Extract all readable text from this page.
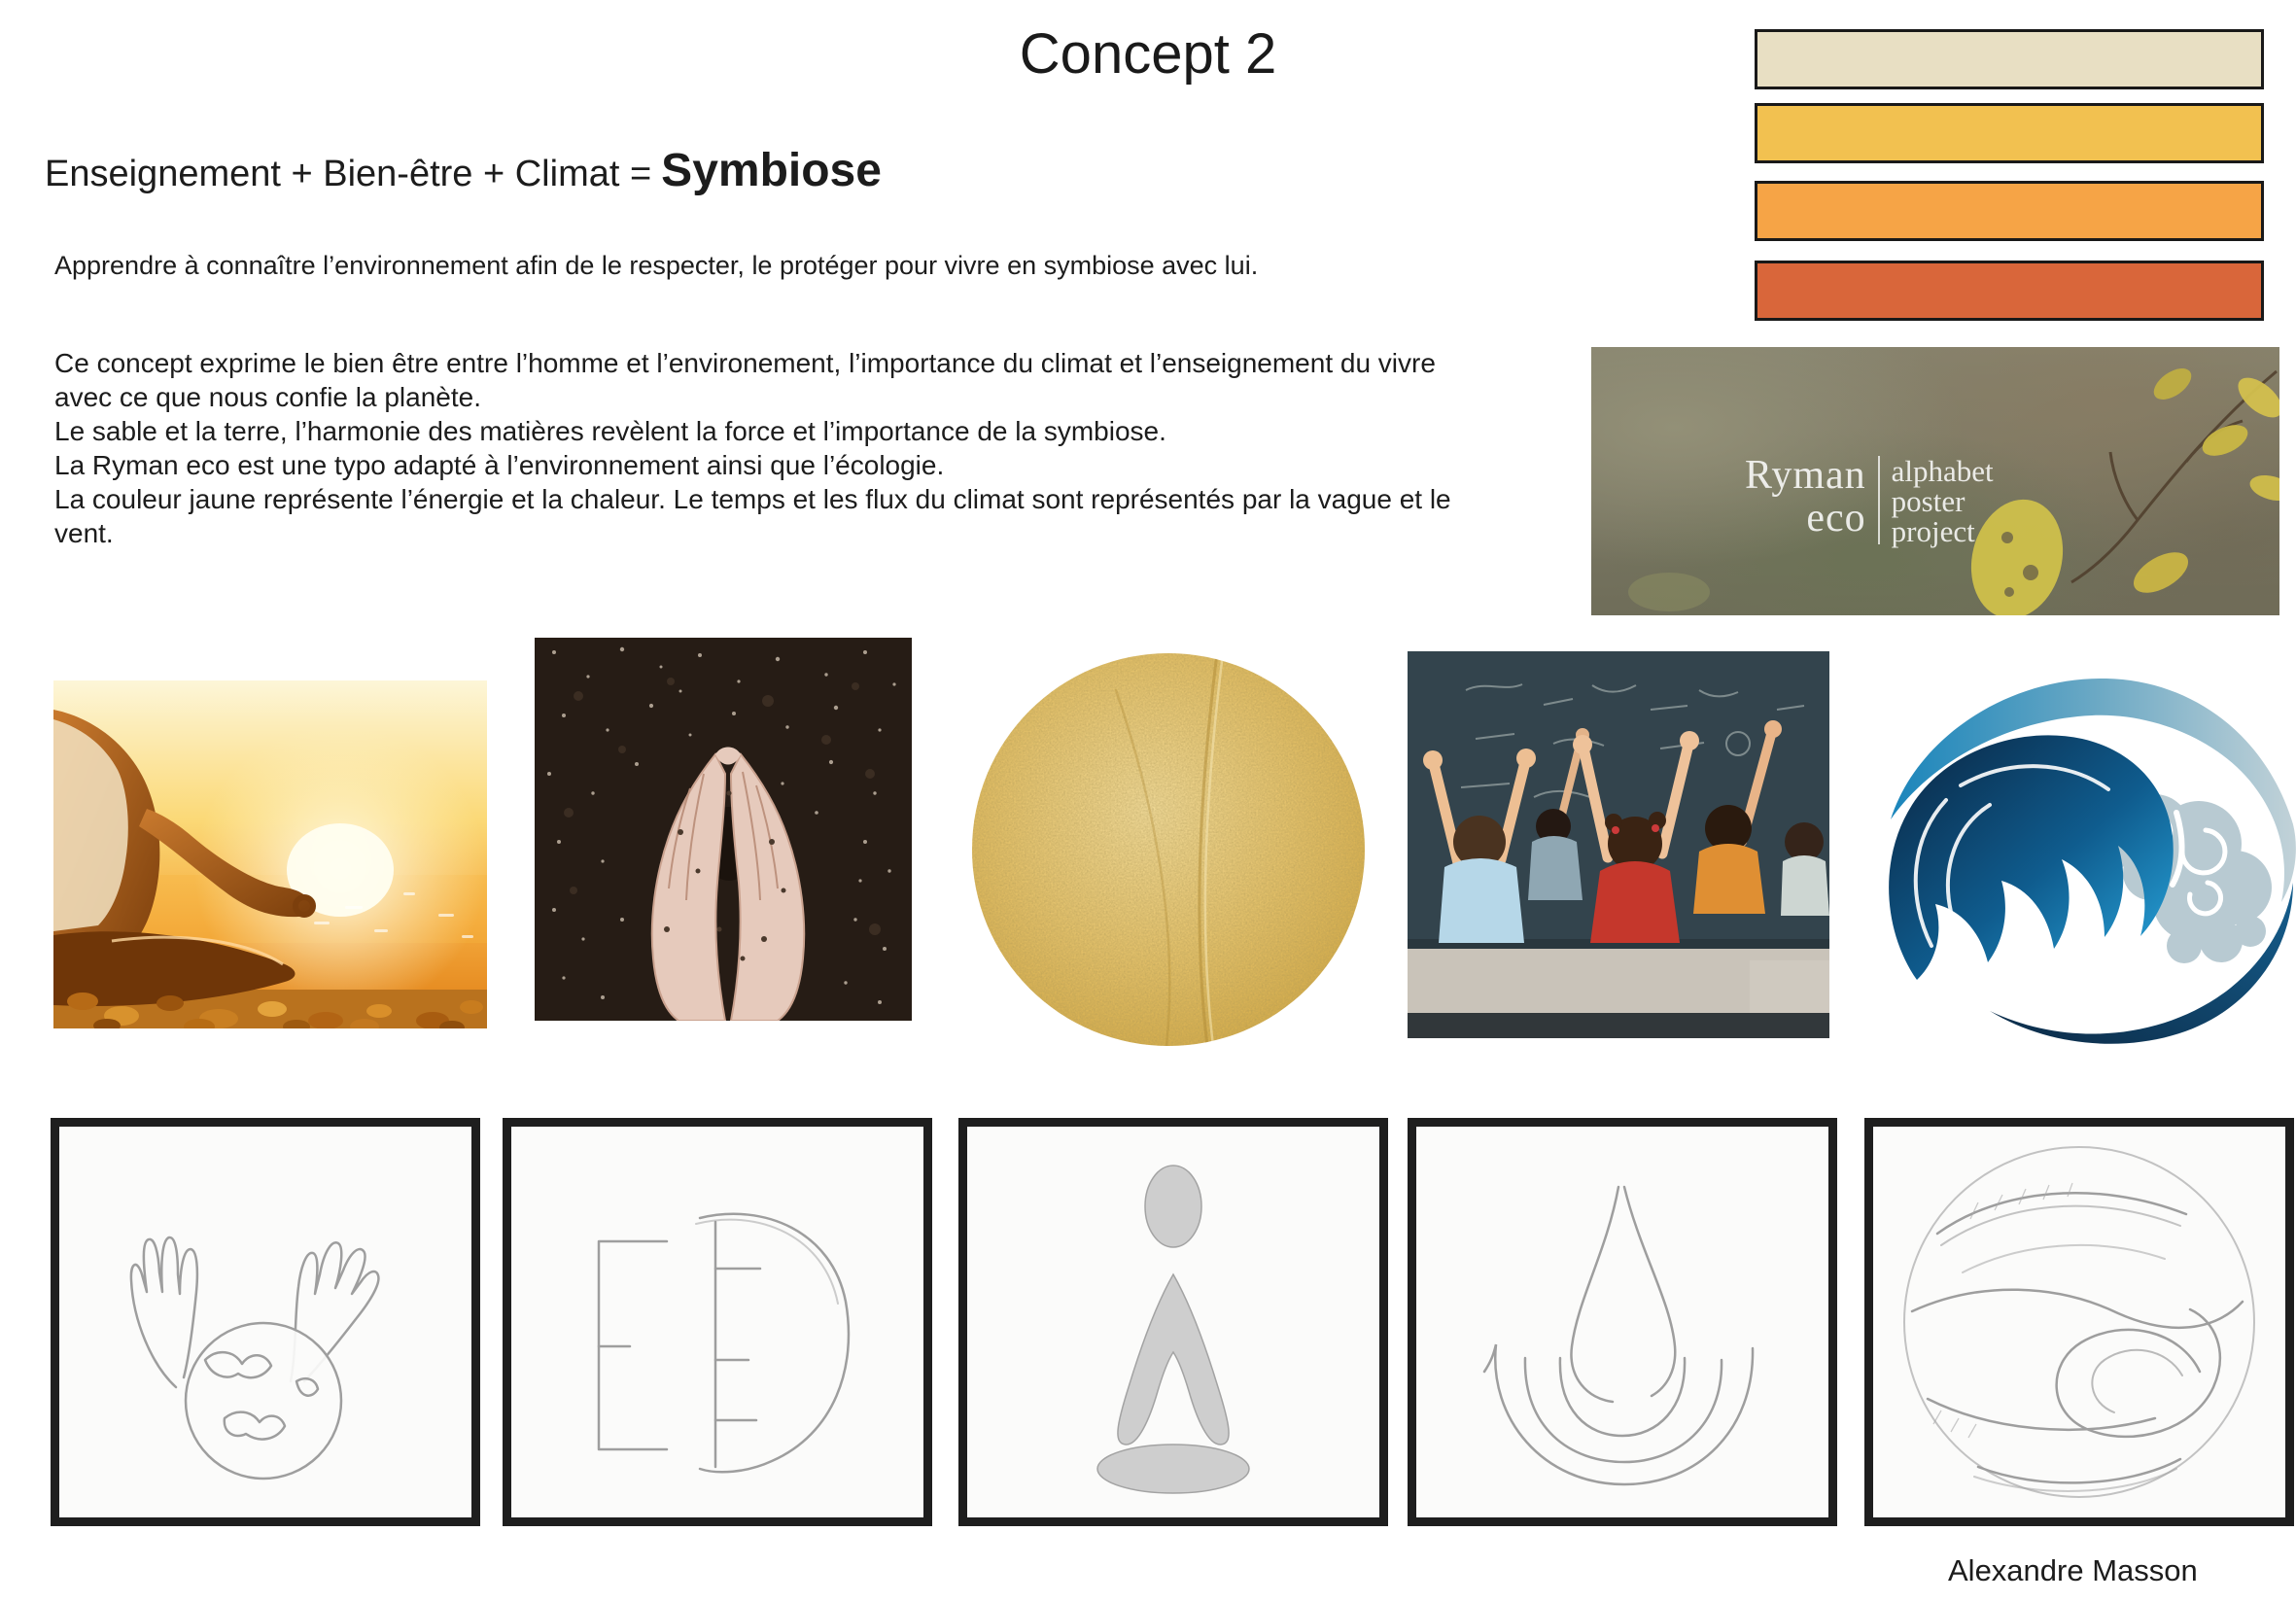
Concept 2
Enseignement + Bien-être + Climat = Symbiose

Apprendre à connaître l’environnement afin de le respecter, le protéger pour vivre en symbiose avec lui.

Ce concept exprime le bien être entre l’homme et l’environement, l’importance du climat et l’enseignement du vivre avec ce que nous confie la planète.

Le sable et la terre, l’harmonie des matières revèlent la force et l’importance de la symbiose.

La Ryman eco est une typo adapté à l’environnement ainsi que l’écologie.

La couleur jaune représente l’énergie et la chaleur. Le temps et les flux du climat sont représentés par la vague et le vent.

Ryman
eco
alphabet
poster
project

Alexandre Masson
